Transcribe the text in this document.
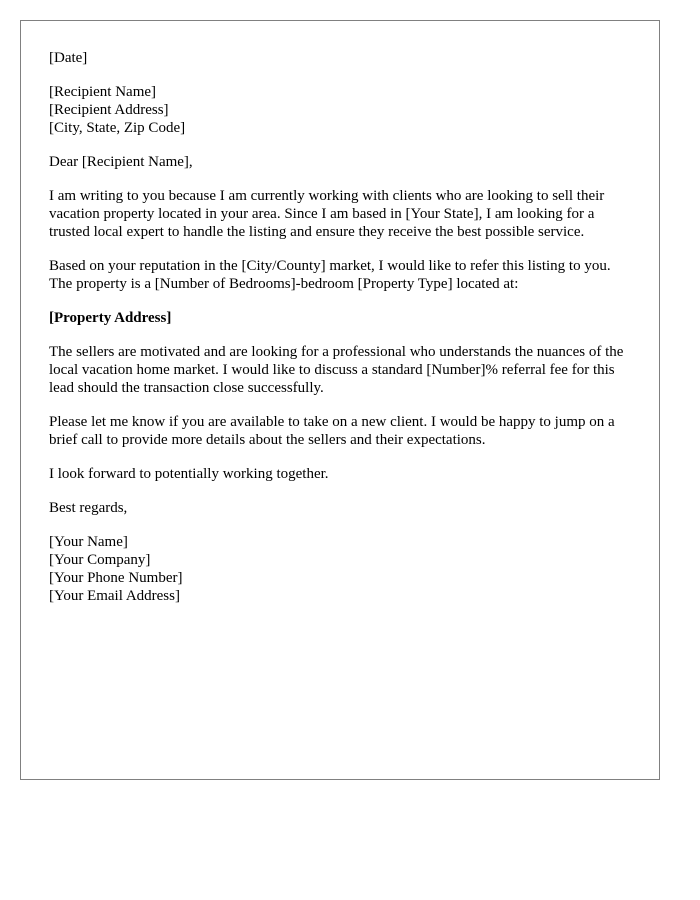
[Date]
[Recipient Name]
[Recipient Address]
[City, State, Zip Code]
Dear [Recipient Name],

I am writing to you because I am currently working with clients who are looking to sell their vacation property located in your area. Since I am based in [Your State], I am looking for a trusted local expert to handle the listing and ensure they receive the best possible service.

Based on your reputation in the [City/County] market, I would like to refer this listing to you. The property is a [Number of Bedrooms]-bedroom [Property Type] located at:

[Property Address]

The sellers are motivated and are looking for a professional who understands the nuances of the local vacation home market. I would like to discuss a standard [Number]% referral fee for this lead should the transaction close successfully.

Please let me know if you are available to take on a new client. I would be happy to jump on a brief call to provide more details about the sellers and their expectations.

I look forward to potentially working together.

Best regards,
[Your Name]
[Your Company]
[Your Phone Number]
[Your Email Address]
